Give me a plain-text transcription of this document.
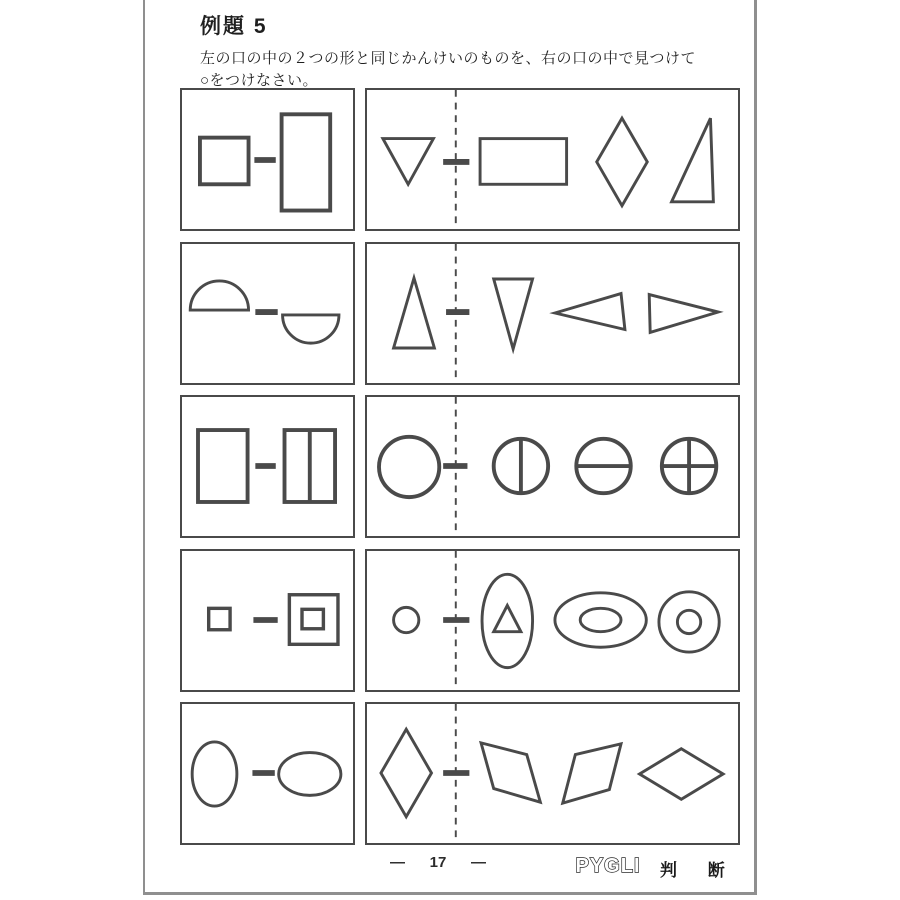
例題 5

左の口の中の２つの形と同じかんけいのものを、右の口の中で見つけて

○をつけなさい。

— 17 —	PYGLI 判 断
